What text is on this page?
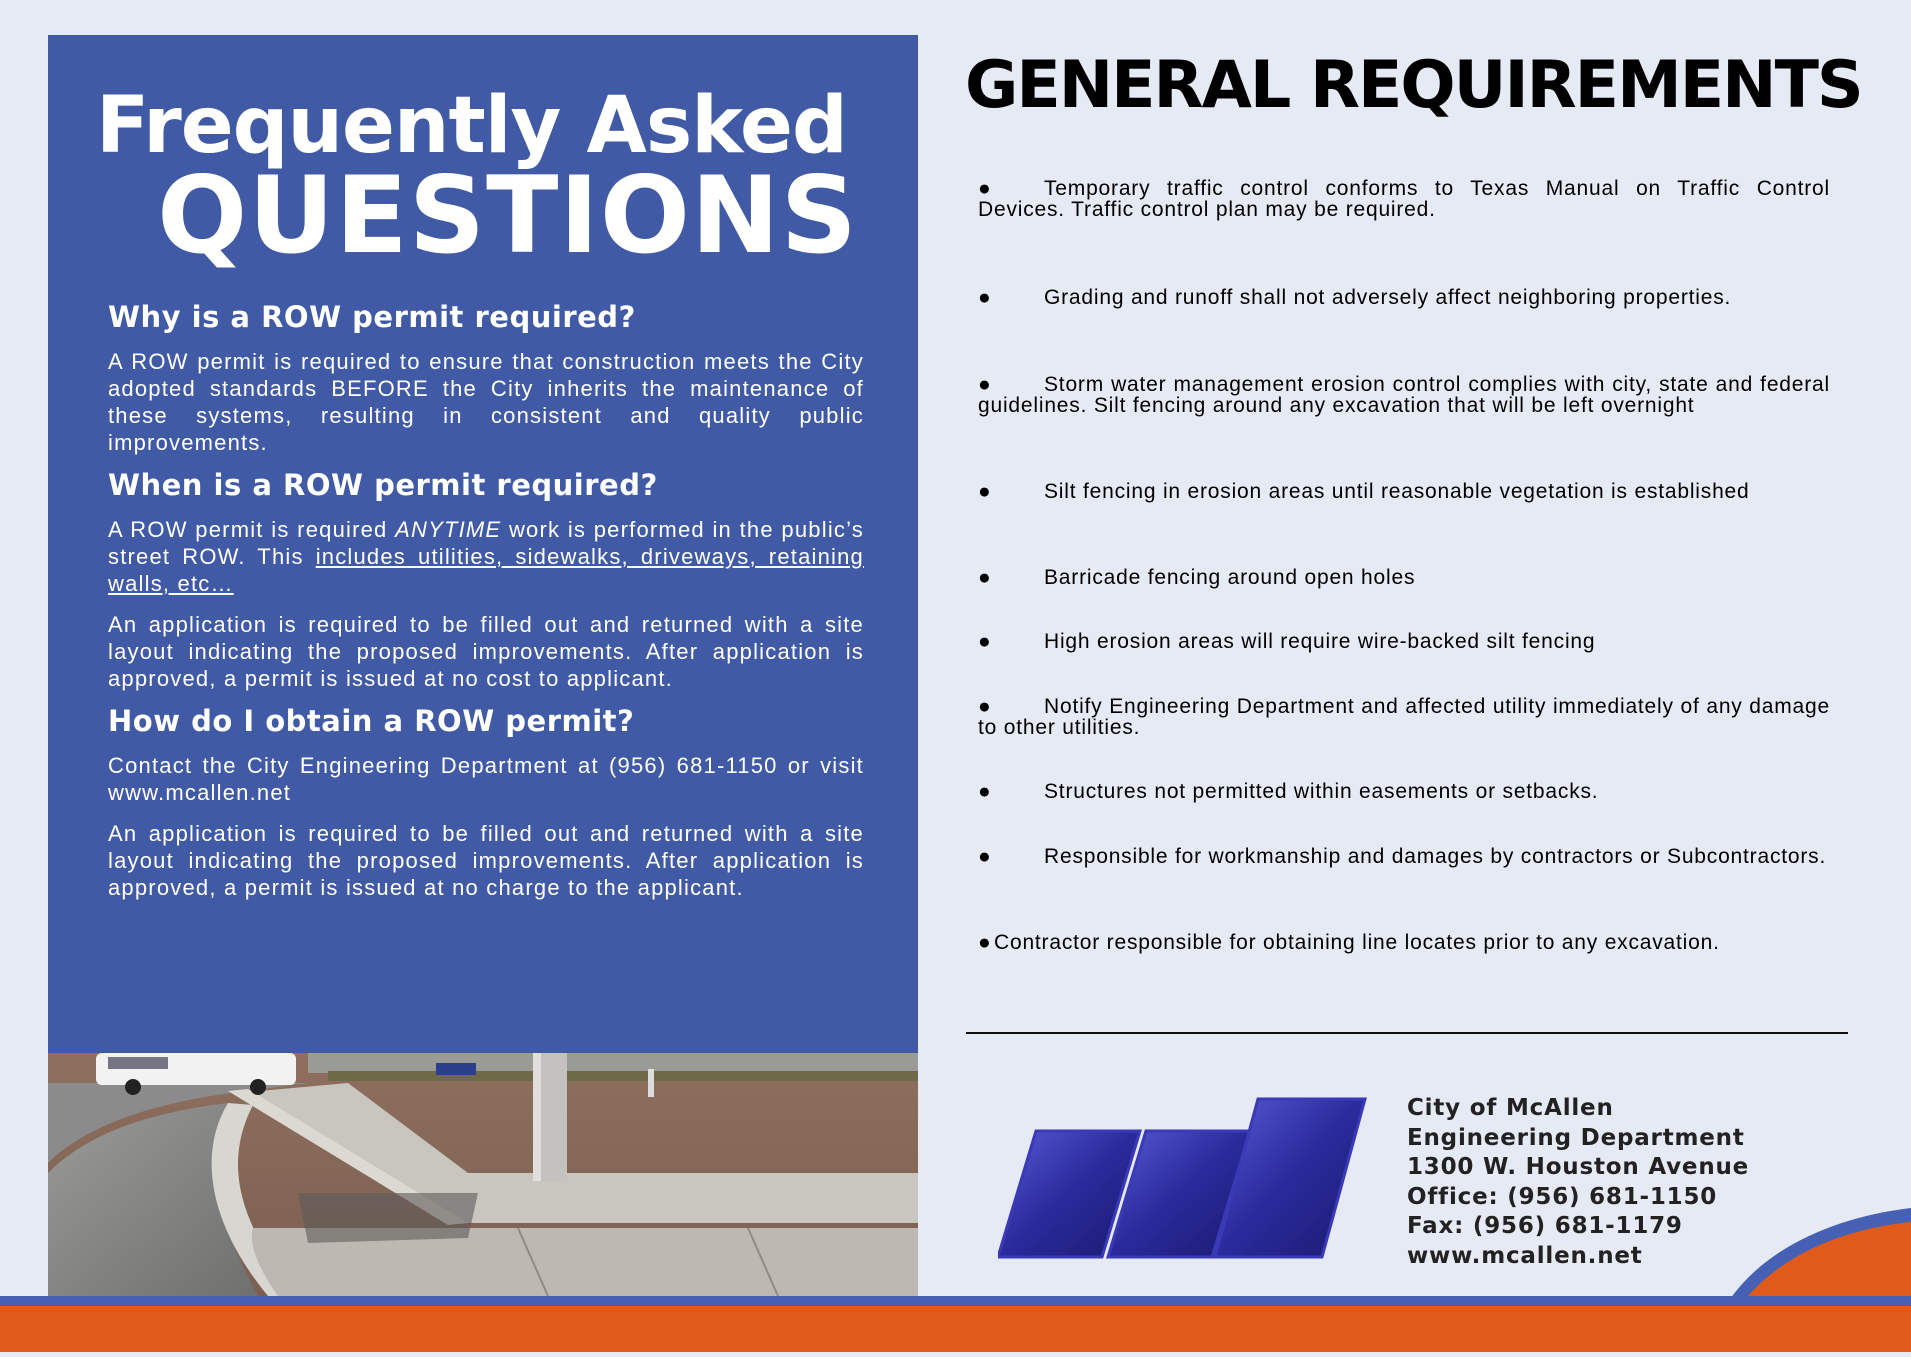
Frequently Asked
QUESTIONS
Why is a ROW permit required?

A ROW permit is required to ensure that construction meets the City adopted standards BEFORE the City inherits the maintenance of these systems, resulting in consistent and quality public improvements.

When is a ROW permit required?

A ROW permit is required ANYTIME work is performed in the public’s street ROW. This includes utilities, sidewalks, driveways, retaining walls, etc…

An application is required to be filled out and returned with a site layout indicating the proposed improvements. After application is approved, a permit is issued at no cost to applicant.

How do I obtain a ROW permit?

Contact the City Engineering Department at (956) 681-1150 or visit www.mcallen.net

An application is required to be filled out and returned with a site layout indicating the proposed improvements. After application is approved, a permit is issued at no charge to the applicant.

GENERAL REQUIREMENTS
●	Temporary traffic control conforms to Texas Manual on Traffic Control Devices. Traffic control plan may be required.
●	Grading and runoff shall not adversely affect neighboring properties.
●	Storm water management erosion control complies with city, state and federal guidelines. Silt fencing around any excavation that will be left overnight
●	Silt fencing in erosion areas until reasonable vegetation is established
●	Barricade fencing around open holes
●	High erosion areas will require wire-backed silt fencing
●	Notify Engineering Department and affected utility immediately of any damage to other utilities.
●	Structures not permitted within easements or setbacks.
●	Responsible for workmanship and damages by contractors or Subcontractors.
● Contractor responsible for obtaining line locates prior to any excavation.
City of McAllen
Engineering Department
1300 W. Houston Avenue
Office: (956) 681-1150
Fax: (956) 681-1179
www.mcallen.net
